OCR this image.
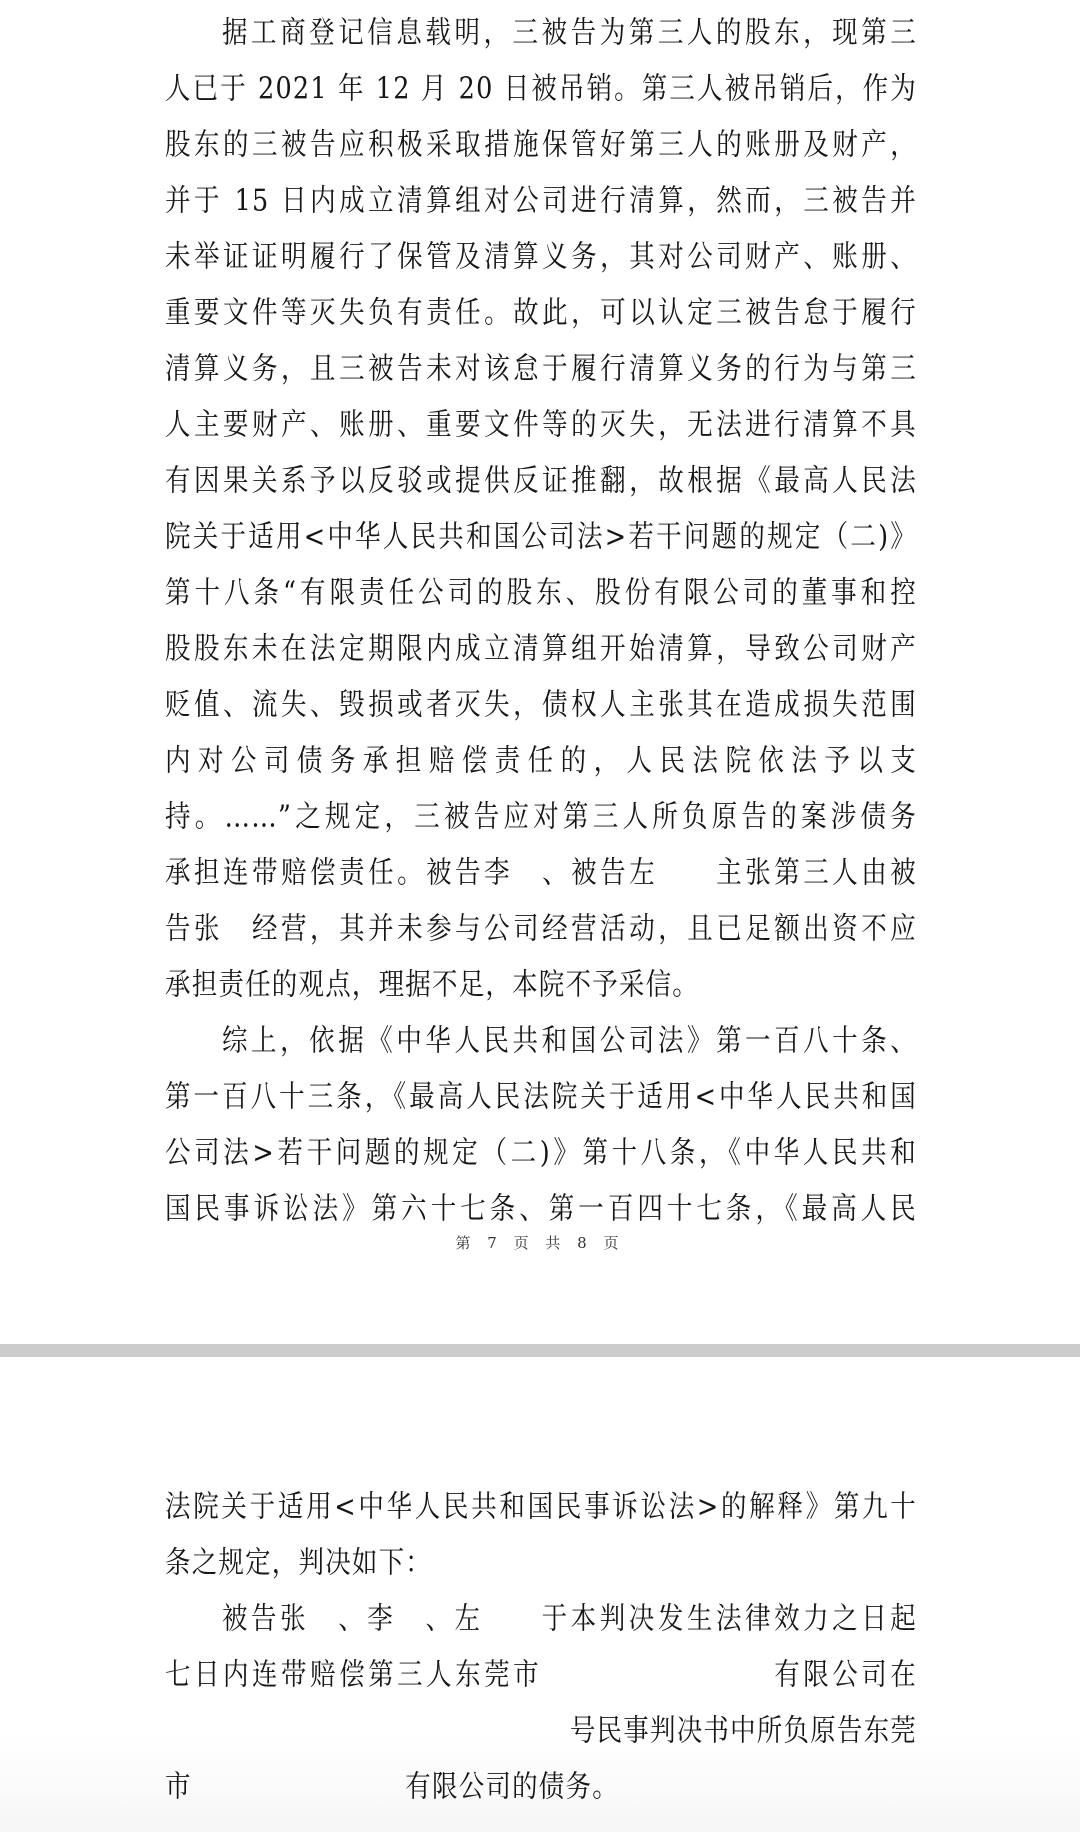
据工商登记信息载明，三被告为第三人的股东，现第三
人已于 2021 年 12 月 20 日被吊销。第三人被吊销后，作为
股东的三被告应积极采取措施保管好第三人的账册及财产，
并于 15 日内成立清算组对公司进行清算，然而，三被告并
未举证证明履行了保管及清算义务，其对公司财产、账册、
重要文件等灭失负有责任。故此，可以认定三被告怠于履行
清算义务，且三被告未对该怠于履行清算义务的行为与第三
人主要财产、账册、重要文件等的灭失，无法进行清算不具
有因果关系予以反驳或提供反证推翻，故根据《最高人民法
院关于适用<中华人民共和国公司法>若干问题的规定（二)》
第十八条“有限责任公司的股东、股份有限公司的董事和控
股股东未在法定期限内成立清算组开始清算，导致公司财产
贬值、流失、毁损或者灭失，债权人主张其在造成损失范围
内对公司债务承担赔偿责任的，人民法院依法予以支
持。……”之规定，三被告应对第三人所负原告的案涉债务
承担连带赔偿责任。被告李　、被告左　　主张第三人由被
告张　经营，其并未参与公司经营活动，且已足额出资不应
承担责任的观点，理据不足，本院不予采信。
综上，依据《中华人民共和国公司法》第一百八十条、
第一百八十三条，《最高人民法院关于适用<中华人民共和国
公司法>若干问题的规定（二)》第十八条，《中华人民共和
国民事诉讼法》第六十七条、第一百四十七条，《最高人民
第 7 页 共 8 页
法院关于适用<中华人民共和国民事诉讼法>的解释》第九十
条之规定，判决如下：
被告张　、李　、左　　于本判决发生法律效力之日起
七日内连带赔偿第三人东莞市　　　　　　　　有限公司在
　　　　　　　　　　　号民事判决书中所负原告东莞
市　　　　　　　　有限公司的债务。
